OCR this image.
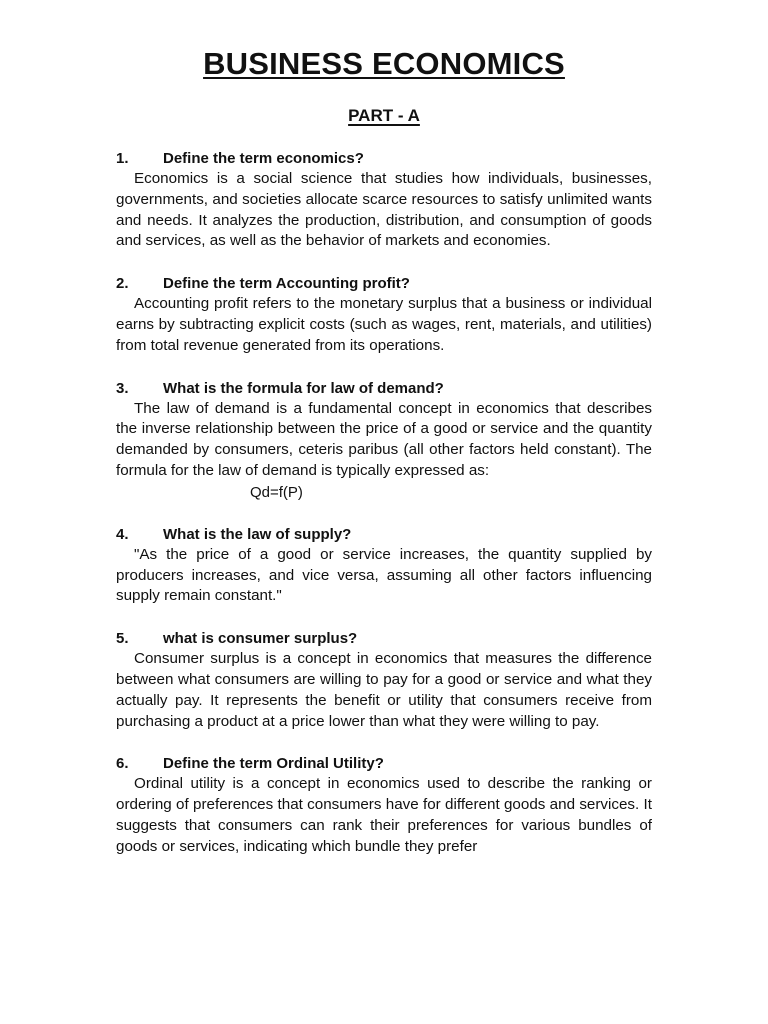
BUSINESS ECONOMICS
PART - A
1.	Define the term economics?

Economics is a social science that studies how individuals, businesses, governments, and societies allocate scarce resources to satisfy unlimited wants and needs. It analyzes the production, distribution, and consumption of goods and services, as well as the behavior of markets and economies.

2.	Define the term Accounting profit?

Accounting profit refers to the monetary surplus that a business or individual earns by subtracting explicit costs (such as wages, rent, materials, and utilities) from total revenue generated from its operations.

3.	What is the formula for law of demand?

The law of demand is a fundamental concept in economics that describes the inverse relationship between the price of a good or service and the quantity demanded by consumers, ceteris paribus (all other factors held constant). The formula for the law of demand is typically expressed as:

Qd=f(P)
4.	What is the law of supply?

"As the price of a good or service increases, the quantity supplied by producers increases, and vice versa, assuming all other factors influencing supply remain constant."

5.	what is consumer surplus?

Consumer surplus is a concept in economics that measures the difference between what consumers are willing to pay for a good or service and what they actually pay. It represents the benefit or utility that consumers receive from purchasing a product at a price lower than what they were willing to pay.

6.	Define the term Ordinal Utility?

Ordinal utility is a concept in economics used to describe the ranking or ordering of preferences that consumers have for different goods and services. It suggests that consumers can rank their preferences for various bundles of goods or services, indicating which bundle they prefer
